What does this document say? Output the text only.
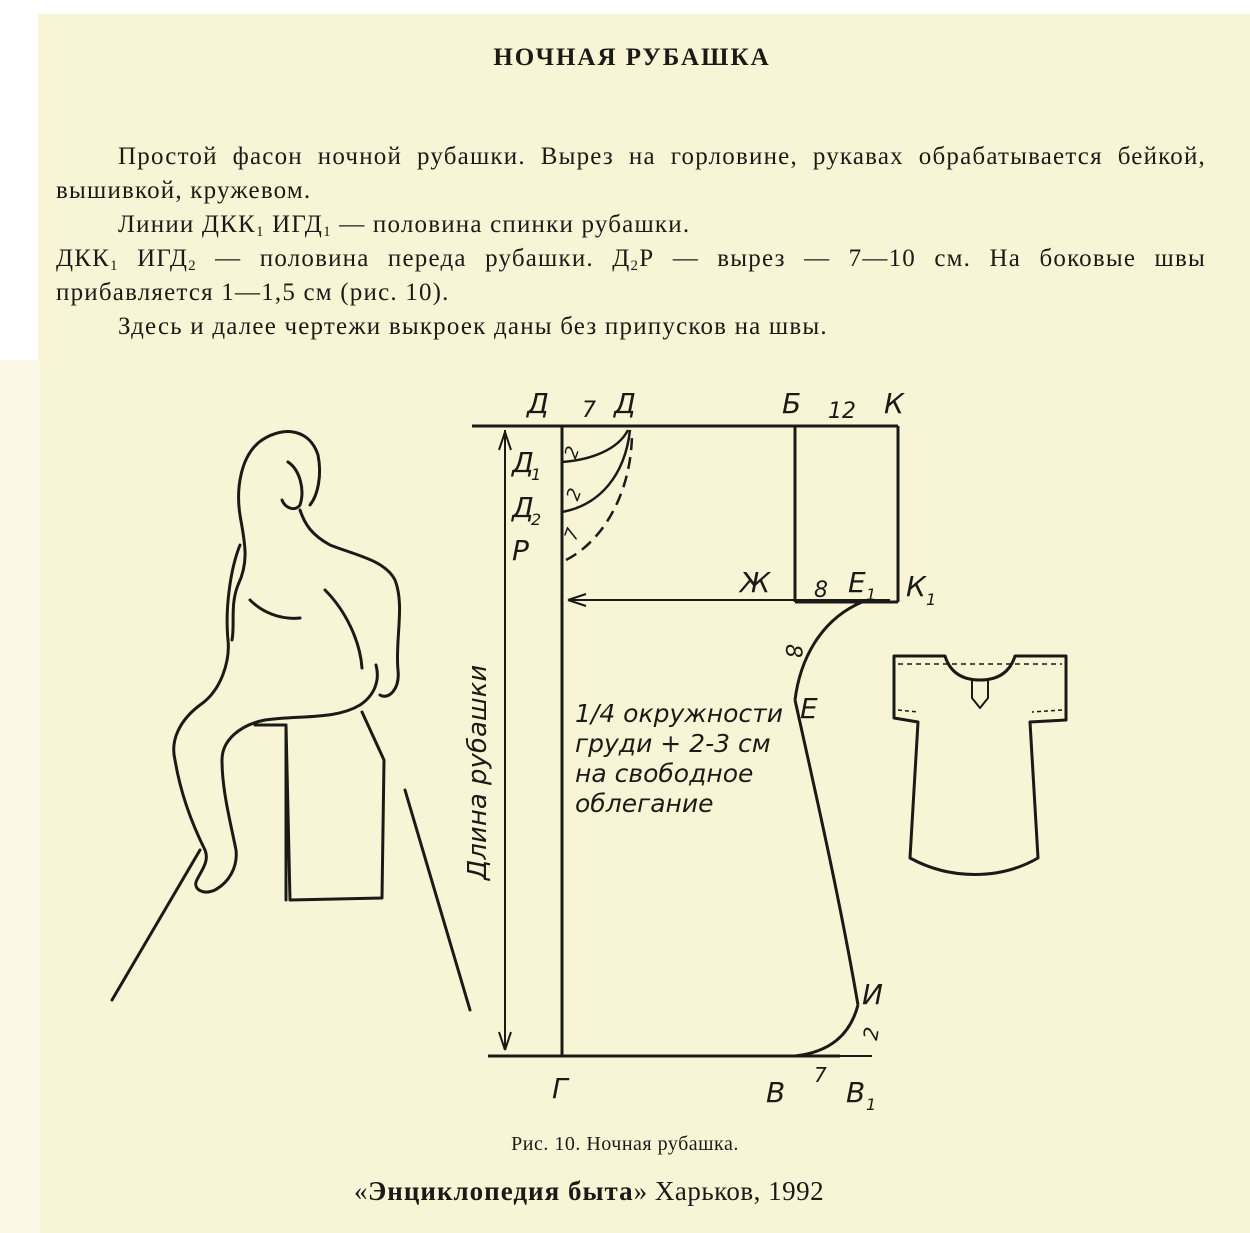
НОЧНАЯ РУБАШКА

Простой фасон ночной рубашки. Вырез на горловине, рукавах обрабатывается бейкой, вышивкой, кружевом.

Линии $ДКК_1$ $ИГД_1$ — половина спинки рубашки.

$ДКК_1$ $ИГД_2$ — половина переда рубашки. $Д_2Р$ — вырез — 7—10 см. На боковые швы прибавляется 1—1,5 см (рис. 10).

Здесь и далее чертежи выкроек даны без припусков на швы.

Д 7 Д	Б 12 К
Д
1
Д
2
Р
2
2
7
Ж 8 Е 1 К 1
8
Е
Длина рубашки	1/4 окружности
груди + 2-3 см
на свободное
облегание
И
2
Г	В
7
В 1
Рис. 10. Ночная рубашка.
«Энциклопедия быта» Харьков, 1992
